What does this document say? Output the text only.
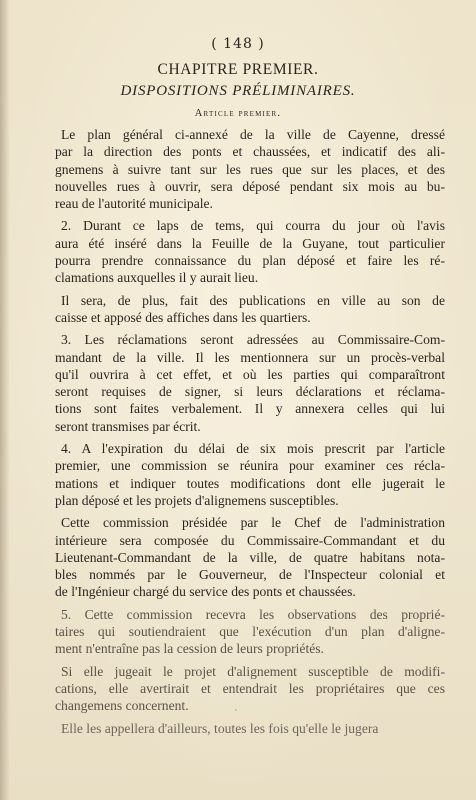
( 148 )
CHAPITRE PREMIER.
DISPOSITIONS PRÉLIMINAIRES.
Article premier.
Le plan général ci-annexé de la ville de Cayenne, dressé
par la direction des ponts et chaussées, et indicatif des ali-
gnemens à suivre tant sur les rues que sur les places, et des
nouvelles rues à ouvrir, sera déposé pendant six mois au bu-
reau de l'autorité municipale.
2. Durant ce laps de tems, qui courra du jour où l'avis
aura été inséré dans la Feuille de la Guyane, tout particulier
pourra prendre connaissance du plan déposé et faire les ré-
clamations auxquelles il y aurait lieu.
Il sera, de plus, fait des publications en ville au son de
caisse et apposé des affiches dans les quartiers.
3. Les réclamations seront adressées au Commissaire-Com-
mandant de la ville. Il les mentionnera sur un procès-verbal
qu'il ouvrira à cet effet, et où les parties qui comparaîtront
seront requises de signer, si leurs déclarations et réclama-
tions sont faites verbalement. Il y annexera celles qui lui
seront transmises par écrit.
4. A l'expiration du délai de six mois prescrit par l'article
premier, une commission se réunira pour examiner ces récla-
mations et indiquer toutes modifications dont elle jugerait le
plan déposé et les projets d'alignemens susceptibles.
Cette commission présidée par le Chef de l'administration
intérieure sera composée du Commissaire-Commandant et du
Lieutenant-Commandant de la ville, de quatre habitans nota-
bles nommés par le Gouverneur, de l'Inspecteur colonial et
de l'Ingénieur chargé du service des ponts et chaussées.
5. Cette commission recevra les observations des proprié-
taires qui soutiendraient que l'exécution d'un plan d'aligne-
ment n'entraîne pas la cession de leurs propriétés.
Si elle jugeait le projet d'alignement susceptible de modifi-
cations, elle avertirait et entendrait les propriétaires que ces
changemens concernent.
Elle les appellera d'ailleurs, toutes les fois qu'elle le jugera
ˋ
